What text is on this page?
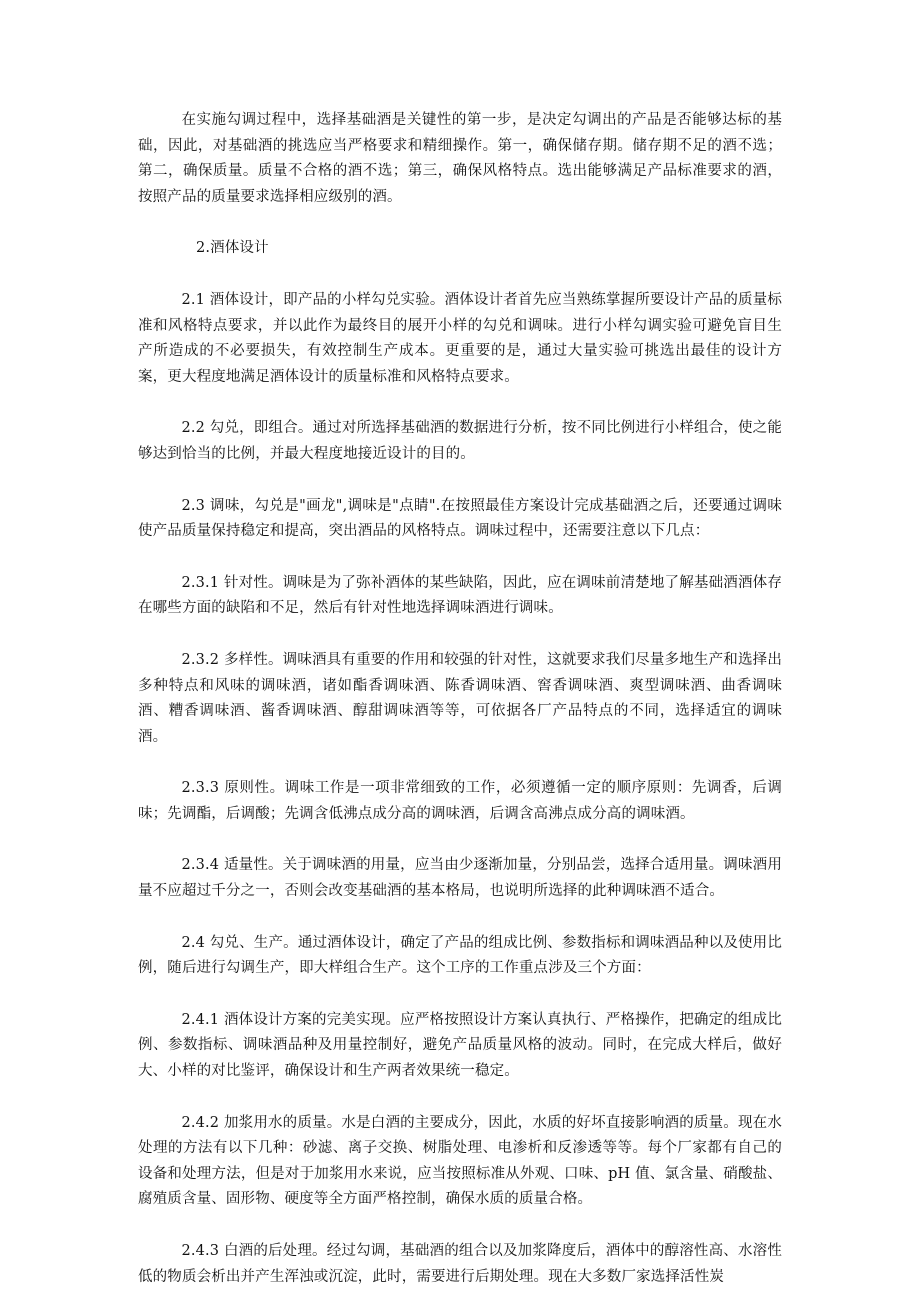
在实施勾调过程中，选择基础酒是关键性的第一步，是决定勾调出的产品是否能够达标的基础，因此，对基础酒的挑选应当严格要求和精细操作。第一，确保储存期。储存期不足的酒不选；第二，确保质量。质量不合格的酒不选；第三，确保风格特点。选出能够满足产品标准要求的酒，按照产品的质量要求选择相应级别的酒。

2.酒体设计

2.1 酒体设计，即产品的小样勾兑实验。酒体设计者首先应当熟练掌握所要设计产品的质量标准和风格特点要求，并以此作为最终目的展开小样的勾兑和调味。进行小样勾调实验可避免盲目生产所造成的不必要损失，有效控制生产成本。更重要的是，通过大量实验可挑选出最佳的设计方案，更大程度地满足酒体设计的质量标准和风格特点要求。

2.2 勾兑，即组合。通过对所选择基础酒的数据进行分析，按不同比例进行小样组合，使之能够达到恰当的比例，并最大程度地接近设计的目的。

2.3 调味，勾兑是"画龙",调味是"点睛".在按照最佳方案设计完成基础酒之后，还要通过调味使产品质量保持稳定和提高，突出酒品的风格特点。调味过程中，还需要注意以下几点：

2.3.1 针对性。调味是为了弥补酒体的某些缺陷，因此，应在调味前清楚地了解基础酒酒体存在哪些方面的缺陷和不足，然后有针对性地选择调味酒进行调味。

2.3.2 多样性。调味酒具有重要的作用和较强的针对性，这就要求我们尽量多地生产和选择出多种特点和风味的调味酒，诸如酯香调味酒、陈香调味酒、窖香调味酒、爽型调味酒、曲香调味酒、糟香调味酒、酱香调味酒、醇甜调味酒等等，可依据各厂产品特点的不同，选择适宜的调味酒。

2.3.3 原则性。调味工作是一项非常细致的工作，必须遵循一定的顺序原则：先调香，后调味；先调酯，后调酸；先调含低沸点成分高的调味酒，后调含高沸点成分高的调味酒。

2.3.4 适量性。关于调味酒的用量，应当由少逐渐加量，分别品尝，选择合适用量。调味酒用量不应超过千分之一，否则会改变基础酒的基本格局，也说明所选择的此种调味酒不适合。

2.4 勾兑、生产。通过酒体设计，确定了产品的组成比例、参数指标和调味酒品种以及使用比例，随后进行勾调生产，即大样组合生产。这个工序的工作重点涉及三个方面：

2.4.1 酒体设计方案的完美实现。应严格按照设计方案认真执行、严格操作，把确定的组成比例、参数指标、调味酒品种及用量控制好，避免产品质量风格的波动。同时，在完成大样后，做好大、小样的对比鉴评，确保设计和生产两者效果统一稳定。

2.4.2 加浆用水的质量。水是白酒的主要成分，因此，水质的好坏直接影响酒的质量。现在水处理的方法有以下几种：砂滤、离子交换、树脂处理、电渗析和反渗透等等。每个厂家都有自己的设备和处理方法，但是对于加浆用水来说，应当按照标准从外观、口味、pH 值、氯含量、硝酸盐、腐殖质含量、固形物、硬度等全方面严格控制，确保水质的质量合格。

2.4.3 白酒的后处理。经过勾调，基础酒的组合以及加浆降度后，酒体中的醇溶性高、水溶性低的物质会析出并产生浑浊或沉淀，此时，需要进行后期处理。现在大多数厂家选择活性炭
